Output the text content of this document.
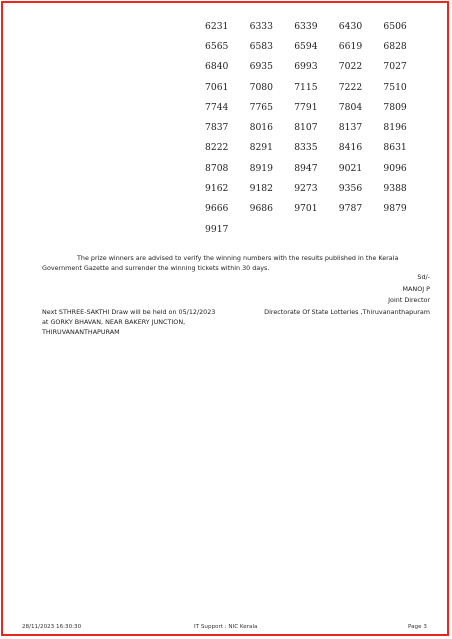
6231	6333	6339	6430	6506
6565	6583	6594	6619	6828
6840	6935	6993	7022	7027
7061	7080	7115	7222	7510
7744	7765	7791	7804	7809
7837	8016	8107	8137	8196
8222	8291	8335	8416	8631
8708	8919	8947	9021	9096
9162	9182	9273	9356	9388
9666	9686	9701	9787	9879
9917
The prize winners are advised to verify the winning numbers with the results published in the Kerala
Government Gazette and surrender the winning tickets within 30 days.
Sd/-
MANOJ P
Joint Director
Directorate Of State Lotteries ,Thiruvananthapuram
Next STHREE-SAKTHI Draw will be held on 05/12/2023
at GORKY BHAVAN, NEAR BAKERY JUNCTION,
THIRUVANANTHAPURAM
28/11/2023 16:30:30	IT Support : NIC Kerala	Page 3
